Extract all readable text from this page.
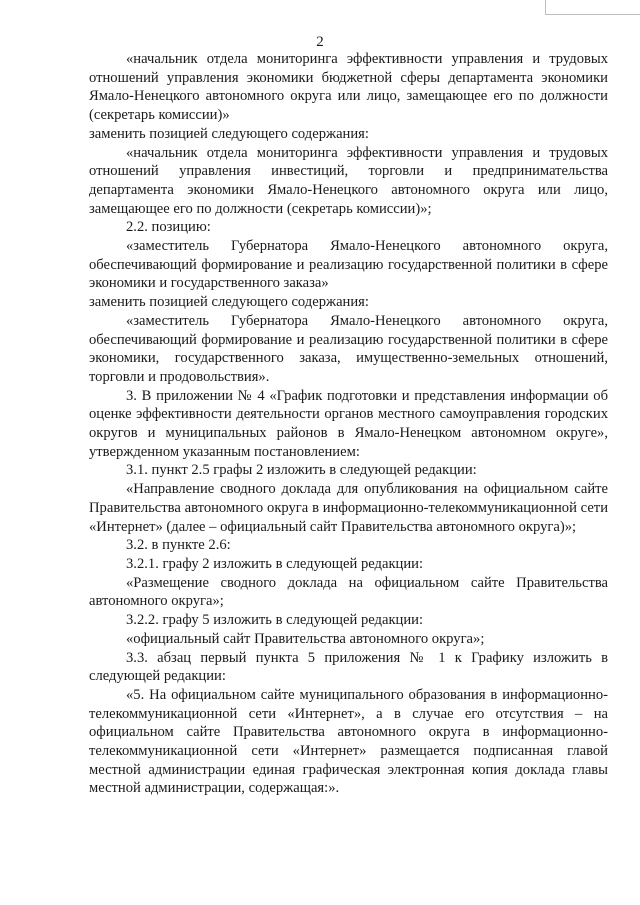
2

«начальник отдела мониторинга эффективности управления и трудовых отношений управления экономики бюджетной сферы департамента экономики Ямало-Ненецкого автономного округа или лицо, замещающее его по должности (секретарь комиссии)»

заменить позицией следующего содержания:

«начальник отдела мониторинга эффективности управления и трудовых отношений управления инвестиций, торговли и предпринимательства департамента экономики Ямало-Ненецкого автономного округа или лицо, замещающее его по должности (секретарь комиссии)»;

2.2. позицию:

«заместитель Губернатора Ямало-Ненецкого автономного округа, обеспечивающий формирование и реализацию государственной политики в сфере экономики и государственного заказа»

заменить позицией следующего содержания:

«заместитель Губернатора Ямало-Ненецкого автономного округа, обеспечивающий формирование и реализацию государственной политики в сфере экономики, государственного заказа, имущественно-земельных отношений, торговли и продовольствия».

3. В приложении № 4 «График подготовки и представления информации об оценке эффективности деятельности органов местного самоуправления городских округов и муниципальных районов в Ямало-Ненецком автономном округе», утвержденном указанным постановлением:

3.1. пункт 2.5 графы 2 изложить в следующей редакции:

«Направление сводного доклада для опубликования на официальном сайте Правительства автономного округа в информационно-телекоммуникационной сети «Интернет» (далее – официальный сайт Правительства автономного округа)»;

3.2. в пункте 2.6:

3.2.1. графу 2 изложить в следующей редакции:

«Размещение сводного доклада на официальном сайте Правительства автономного округа»;

3.2.2. графу 5 изложить в следующей редакции:

«официальный сайт Правительства автономного округа»;

3.3. абзац первый пункта 5 приложения № 1 к Графику изложить в следующей редакции:

«5. На официальном сайте муниципального образования в информационно-телекоммуникационной сети «Интернет», а в случае его отсутствия – на официальном сайте Правительства автономного округа в информационно-телекоммуникационной сети «Интернет» размещается подписанная главой местной администрации единая графическая электронная копия доклада главы местной администрации, содержащая:».
